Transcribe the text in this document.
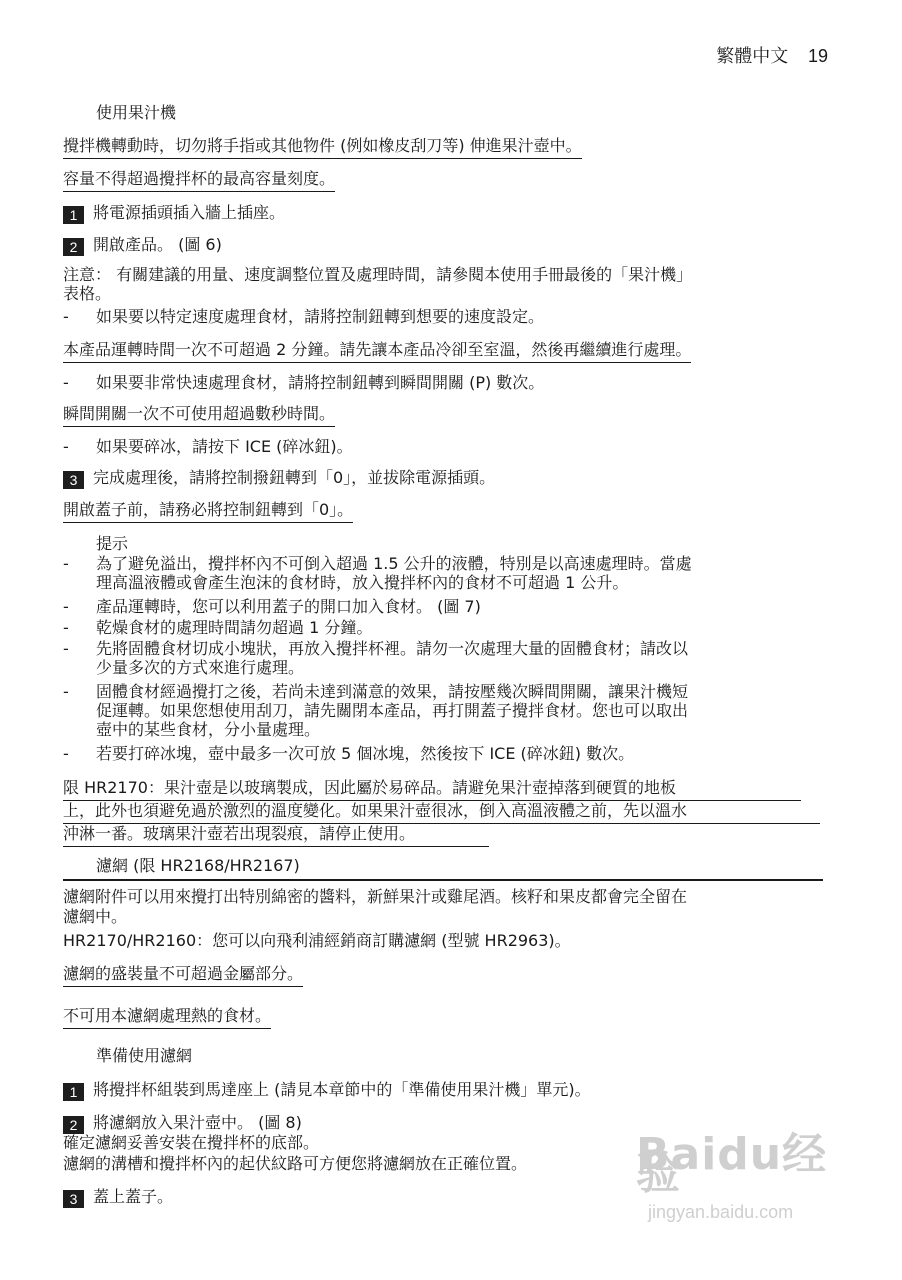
繁體中文 19
使用果汁機
攪拌機轉動時，切勿將手指或其他物件 (例如橡皮刮刀等) 伸進果汁壺中。
容量不得超過攪拌杯的最高容量刻度。
1 將電源插頭插入牆上插座。
2 開啟產品。 (圖 6)
注意： 有關建議的用量、速度調整位置及處理時間，請參閱本使用手冊最後的「果汁機」
表格。
-	如果要以特定速度處理食材，請將控制鈕轉到想要的速度設定。
本產品運轉時間一次不可超過 2 分鐘。請先讓本產品冷卻至室溫，然後再繼續進行處理。
-	如果要非常快速處理食材，請將控制鈕轉到瞬間開關 (P) 數次。
瞬間開關一次不可使用超過數秒時間。
-	如果要碎冰，請按下 ICE (碎冰鈕)。
3 完成處理後，請將控制撥鈕轉到「0」，並拔除電源插頭。
開啟蓋子前，請務必將控制鈕轉到「0」。
提示
-	為了避免溢出，攪拌杯內不可倒入超過 1.5 公升的液體，特別是以高速處理時。當處
理高溫液體或會產生泡沫的食材時，放入攪拌杯內的食材不可超過 1 公升。
-	產品運轉時，您可以利用蓋子的開口加入食材。 (圖 7)
-	乾燥食材的處理時間請勿超過 1 分鐘。
-	先將固體食材切成小塊狀，再放入攪拌杯裡。請勿一次處理大量的固體食材；請改以
少量多次的方式來進行處理。
-	固體食材經過攪打之後，若尚未達到滿意的效果，請按壓幾次瞬間開關，讓果汁機短
促運轉。如果您想使用刮刀，請先關閉本產品，再打開蓋子攪拌食材。您也可以取出
壺中的某些食材，分小量處理。
-	若要打碎冰塊，壺中最多一次可放 5 個冰塊，然後按下 ICE (碎冰鈕) 數次。
限 HR2170：果汁壺是以玻璃製成，因此屬於易碎品。請避免果汁壺掉落到硬質的地板
上，此外也須避免過於激烈的溫度變化。如果果汁壺很冰，倒入高溫液體之前，先以溫水
沖淋一番。玻璃果汁壺若出現裂痕，請停止使用。
濾網 (限 HR2168/HR2167)
濾網附件可以用來攪打出特別綿密的醬料，新鮮果汁或雞尾酒。核籽和果皮都會完全留在
濾網中。
HR2170/HR2160：您可以向飛利浦經銷商訂購濾網 (型號 HR2963)。
濾網的盛裝量不可超過金屬部分。
不可用本濾網處理熱的食材。
準備使用濾網
1 將攪拌杯組裝到馬達座上 (請見本章節中的「準備使用果汁機」單元)。
2 將濾網放入果汁壺中。 (圖 8)
確定濾網妥善安裝在攪拌杯的底部。
濾網的溝槽和攪拌杯內的起伏紋路可方便您將濾網放在正確位置。
3 蓋上蓋子。
Baidu经验
jingyan.baidu.com
